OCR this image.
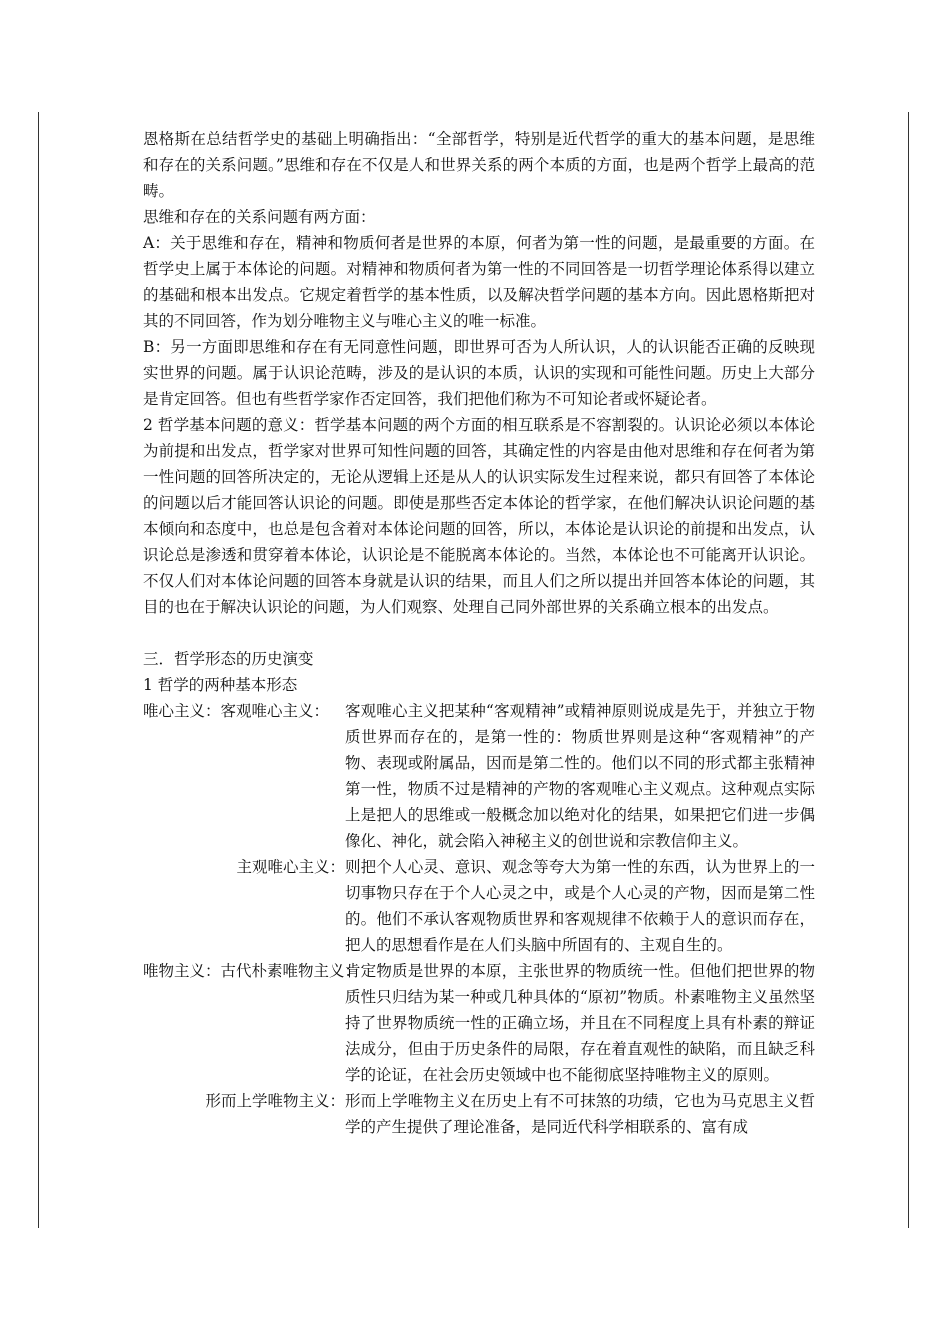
恩格斯在总结哲学史的基础上明确指出：“全部哲学，特别是近代哲学的重大的基本问题，是思维和存在的关系问题。”思维和存在不仅是人和世界关系的两个本质的方面，也是两个哲学上最高的范畴。

思维和存在的关系问题有两方面：

A：关于思维和存在，精神和物质何者是世界的本原，何者为第一性的问题，是最重要的方面。在哲学史上属于本体论的问题。对精神和物质何者为第一性的不同回答是一切哲学理论体系得以建立的基础和根本出发点。它规定着哲学的基本性质，以及解决哲学问题的基本方向。因此恩格斯把对其的不同回答，作为划分唯物主义与唯心主义的唯一标准。

B：另一方面即思维和存在有无同意性问题，即世界可否为人所认识，人的认识能否正确的反映现实世界的问题。属于认识论范畴，涉及的是认识的本质，认识的实现和可能性问题。历史上大部分是肯定回答。但也有些哲学家作否定回答，我们把他们称为不可知论者或怀疑论者。

2 哲学基本问题的意义：哲学基本问题的两个方面的相互联系是不容割裂的。认识论必须以本体论为前提和出发点，哲学家对世界可知性问题的回答，其确定性的内容是由他对思维和存在何者为第一性问题的回答所决定的，无论从逻辑上还是从人的认识实际发生过程来说，都只有回答了本体论的问题以后才能回答认识论的问题。即使是那些否定本体论的哲学家，在他们解决认识论问题的基本倾向和态度中，也总是包含着对本体论问题的回答，所以，本体论是认识论的前提和出发点，认识论总是渗透和贯穿着本体论，认识论是不能脱离本体论的。当然，本体论也不可能离开认识论。不仅人们对本体论问题的回答本身就是认识的结果，而且人们之所以提出并回答本体论的问题，其目的也在于解决认识论的问题，为人们观察、处理自己同外部世界的关系确立根本的出发点。

三．哲学形态的历史演变

1 哲学的两种基本形态

唯心主义：客观唯心主义：	客观唯心主义把某种“客观精神”或精神原则说成是先于，并独立于物质世界而存在的，是第一性的：物质世界则是这种“客观精神”的产物、表现或附属品，因而是第二性的。他们以不同的形式都主张精神第一性，物质不过是精神的产物的客观唯心主义观点。这种观点实际上是把人的思维或一般概念加以绝对化的结果，如果把它们进一步偶像化、神化，就会陷入神秘主义的创世说和宗教信仰主义。
主观唯心主义： 则把个人心灵、意识、观念等夸大为第一性的东西，认为世界上的一切事物只存在于个人心灵之中，或是个人心灵的产物，因而是第二性的。他们不承认客观物质世界和客观规律不依赖于人的意识而存在，把人的思想看作是在人们头脑中所固有的、主观自生的。
唯物主义：古代朴素唯物主义：
肯定物质是世界的本原，主张世界的物质统一性。但他们把世界的物质性只归结为某一种或几种具体的“原初”物质。朴素唯物主义虽然坚持了世界物质统一性的正确立场，并且在不同程度上具有朴素的辩证法成分，但由于历史条件的局限，存在着直观性的缺陷，而且缺乏科学的论证，在社会历史领域中也不能彻底坚持唯物主义的原则。
形而上学唯物主义： 形而上学唯物主义在历史上有不可抹煞的功绩，它也为马克思主义哲学的产生提供了理论准备，是同近代科学相联系的、富有成
